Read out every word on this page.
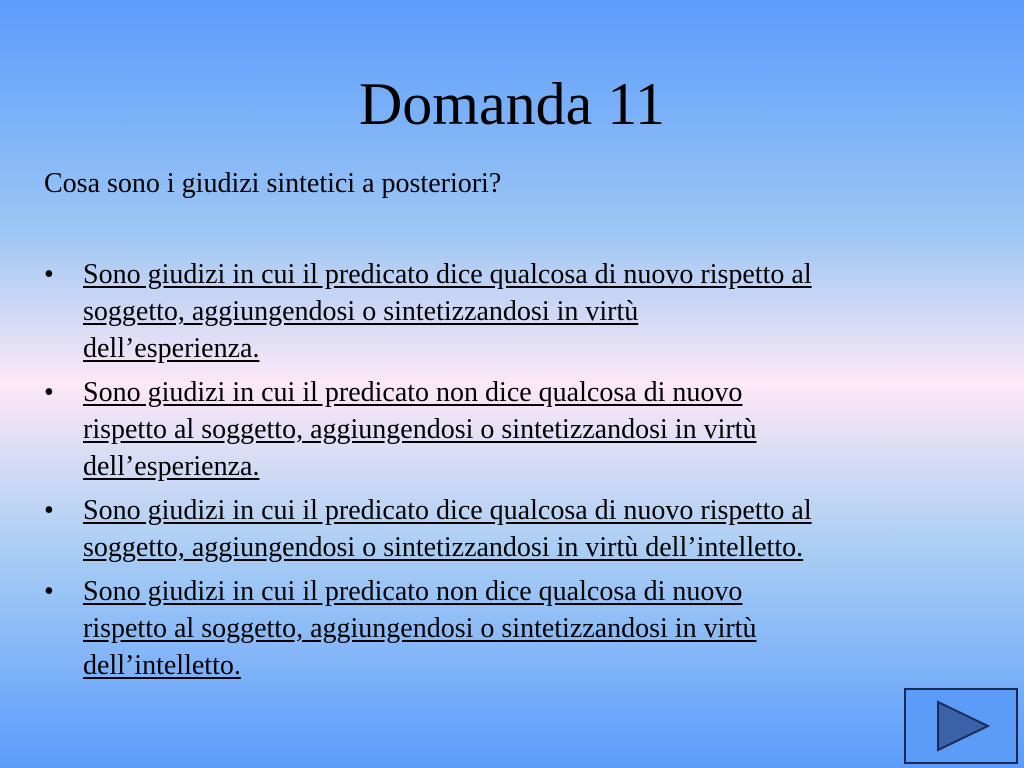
Domanda 11

Cosa sono i giudizi sintetici a posteriori?

• Sono giudizi in cui il predicato dice qualcosa di nuovo rispetto al
soggetto, aggiungendosi o sintetizzandosi in virtù
dell’esperienza.
• Sono giudizi in cui il predicato non dice qualcosa di nuovo
rispetto al soggetto, aggiungendosi o sintetizzandosi in virtù
dell’esperienza.
• Sono giudizi in cui il predicato dice qualcosa di nuovo rispetto al
soggetto, aggiungendosi o sintetizzandosi in virtù dell’intelletto.
• Sono giudizi in cui il predicato non dice qualcosa di nuovo
rispetto al soggetto, aggiungendosi o sintetizzandosi in virtù
dell’intelletto.
